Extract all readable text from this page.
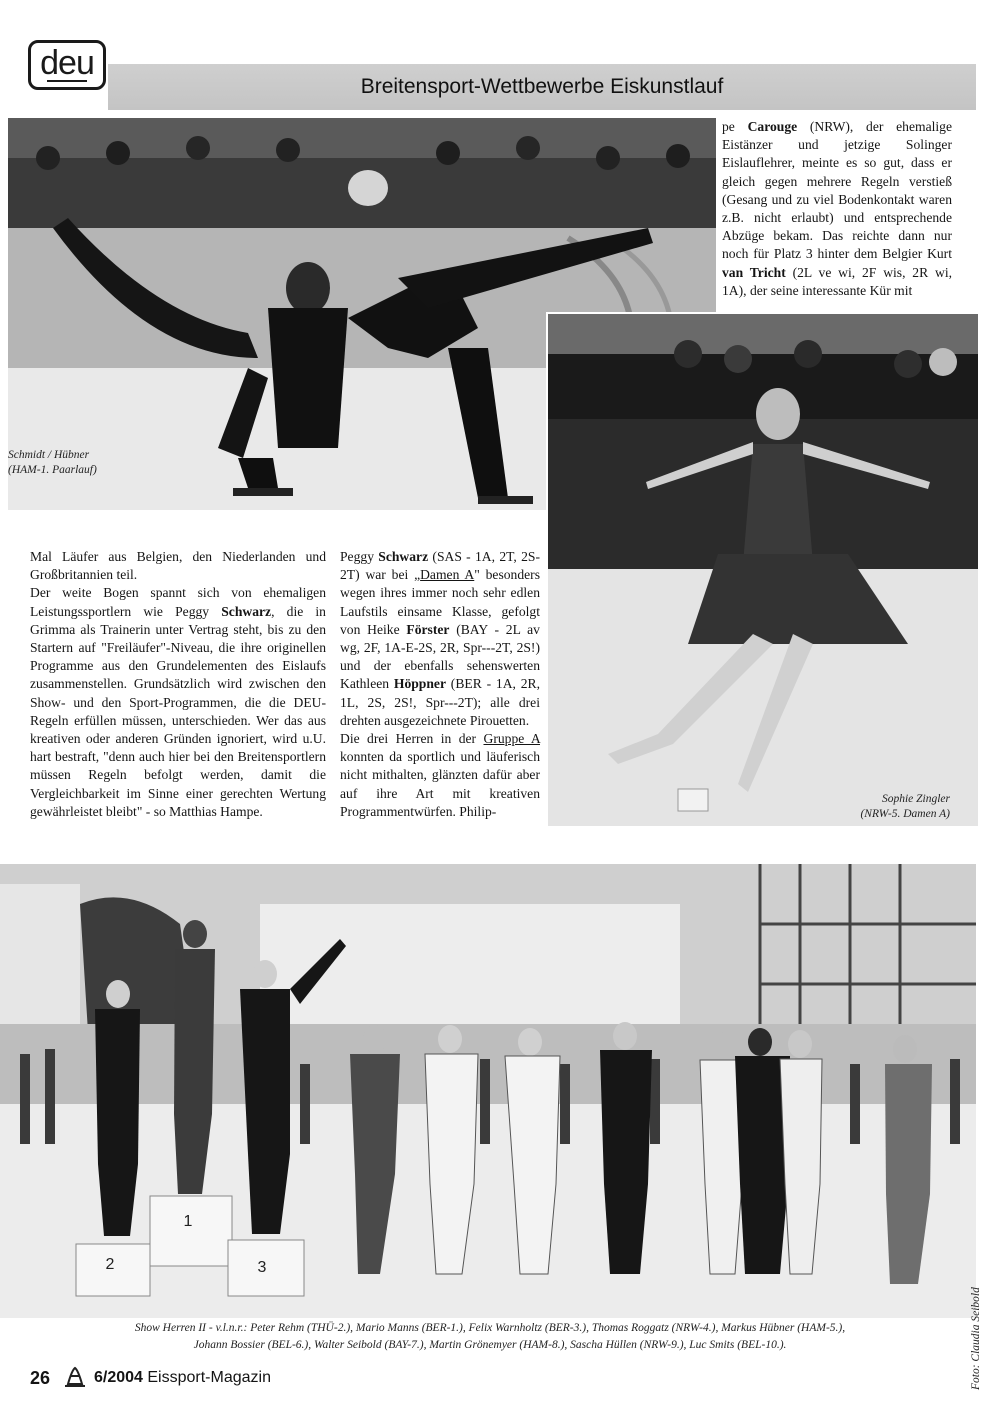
deu
Breitensport-Wettbewerbe Eiskunstlauf
Schmidt / Hübner
(HAM-1. Paarlauf)

pe Carouge (NRW), der ehemalige Eistänzer und jetzige Solinger Eislauflehrer, meinte es so gut, dass er gleich gegen mehrere Regeln verstieß (Gesang und zu viel Bodenkontakt waren z.B. nicht erlaubt) und entsprechende Abzüge bekam. Das reichte dann nur noch für Platz 3 hinter dem Belgier Kurt van Tricht (2L ve wi, 2F wis, 2R wi, 1A), der seine interessante Kür mit

Sophie Zingler
(NRW-5. Damen A)

Mal Läufer aus Belgien, den Niederlanden und Großbritannien teil.

Der weite Bogen spannt sich von ehemaligen Leistungssportlern wie Peggy Schwarz, die in Grimma als Trainerin unter Vertrag steht, bis zu den Startern auf "Freiläufer"-Niveau, die ihre originellen Programme aus den Grundelementen des Eislaufs zusammenstellen. Grundsätzlich wird zwischen den Show- und den Sport-Programmen, die die DEU-Regeln erfüllen müssen, unterschieden. Wer das aus kreativen oder anderen Gründen ignoriert, wird u.U. hart bestraft, "denn auch hier bei den Breitensportlern müssen Regeln befolgt werden, damit die Vergleichbarkeit im Sinne einer gerechten Wertung gewährleistet bleibt" - so Matthias Hampe.

Peggy Schwarz (SAS - 1A, 2T, 2S-2T) war bei „Damen A" besonders wegen ihres immer noch sehr edlen Laufstils einsame Klasse, gefolgt von Heike Förster (BAY - 2L av wg, 2F, 1A-E-2S, 2R, Spr---2T, 2S!) und der ebenfalls sehenswerten Kathleen Höppner (BER - 1A, 2R, 1L, 2S, 2S!, Spr---2T); alle drei drehten ausgezeichnete Pirouetten.

Die drei Herren in der Gruppe A konnten da sportlich und läuferisch nicht mithalten, glänzten dafür aber auf ihre Art mit kreativen Programmentwürfen. Philip-

1
2	3
Foto: Claudia Seibold
Show Herren II - v.l.n.r.: Peter Rehm (THÜ-2.), Mario Manns (BER-1.), Felix Warnholtz (BER-3.), Thomas Roggatz (NRW-4.), Markus Hübner (HAM-5.),
Johann Bossier (BEL-6.), Walter Seibold (BAY-7.), Martin Grönemyer (HAM-8.), Sascha Hüllen (NRW-9.), Luc Smits (BEL-10.).
26	6/2004 Eissport-Magazin
